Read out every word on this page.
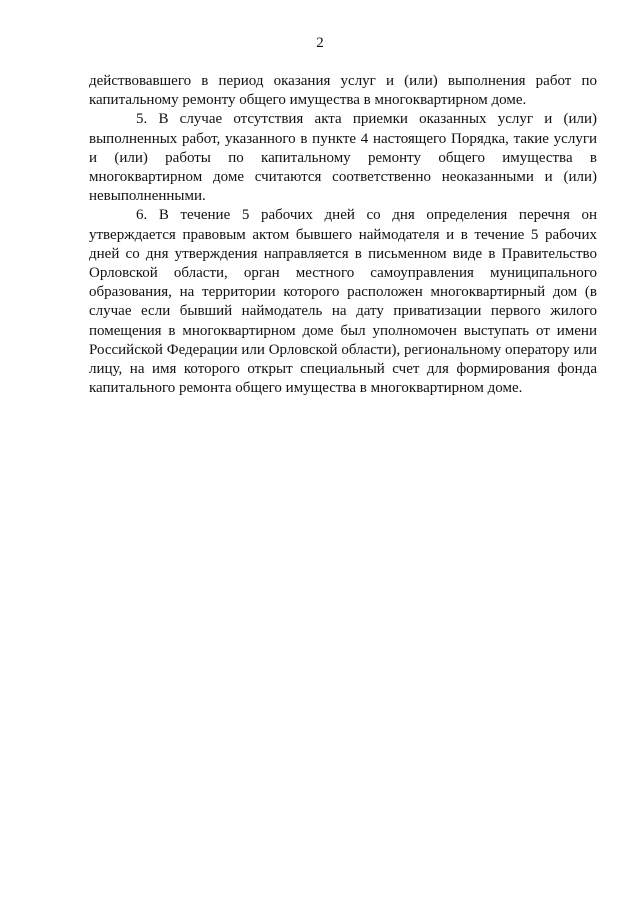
2

действовавшего в период оказания услуг и (или) выполнения работ по капитальному ремонту общего имущества в многоквартирном доме.

5. В случае отсутствия акта приемки оказанных услуг и (или) выполненных работ, указанного в пункте 4 настоящего Порядка, такие услуги и (или) работы по капитальному ремонту общего имущества в многоквартирном доме считаются соответственно неоказанными и (или) невыполненными.

6. В течение 5 рабочих дней со дня определения перечня он утверждается правовым актом бывшего наймодателя и в течение 5 рабочих дней со дня утверждения направляется в письменном виде в Правительство Орловской области, орган местного самоуправления муниципального образования, на территории которого расположен многоквартирный дом (в случае если бывший наймодатель на дату приватизации первого жилого помещения в многоквартирном доме был уполномочен выступать от имени Российской Федерации или Орловской области), региональному оператору или лицу, на имя которого открыт специальный счет для формирования фонда капитального ремонта общего имущества в многоквартирном доме.
